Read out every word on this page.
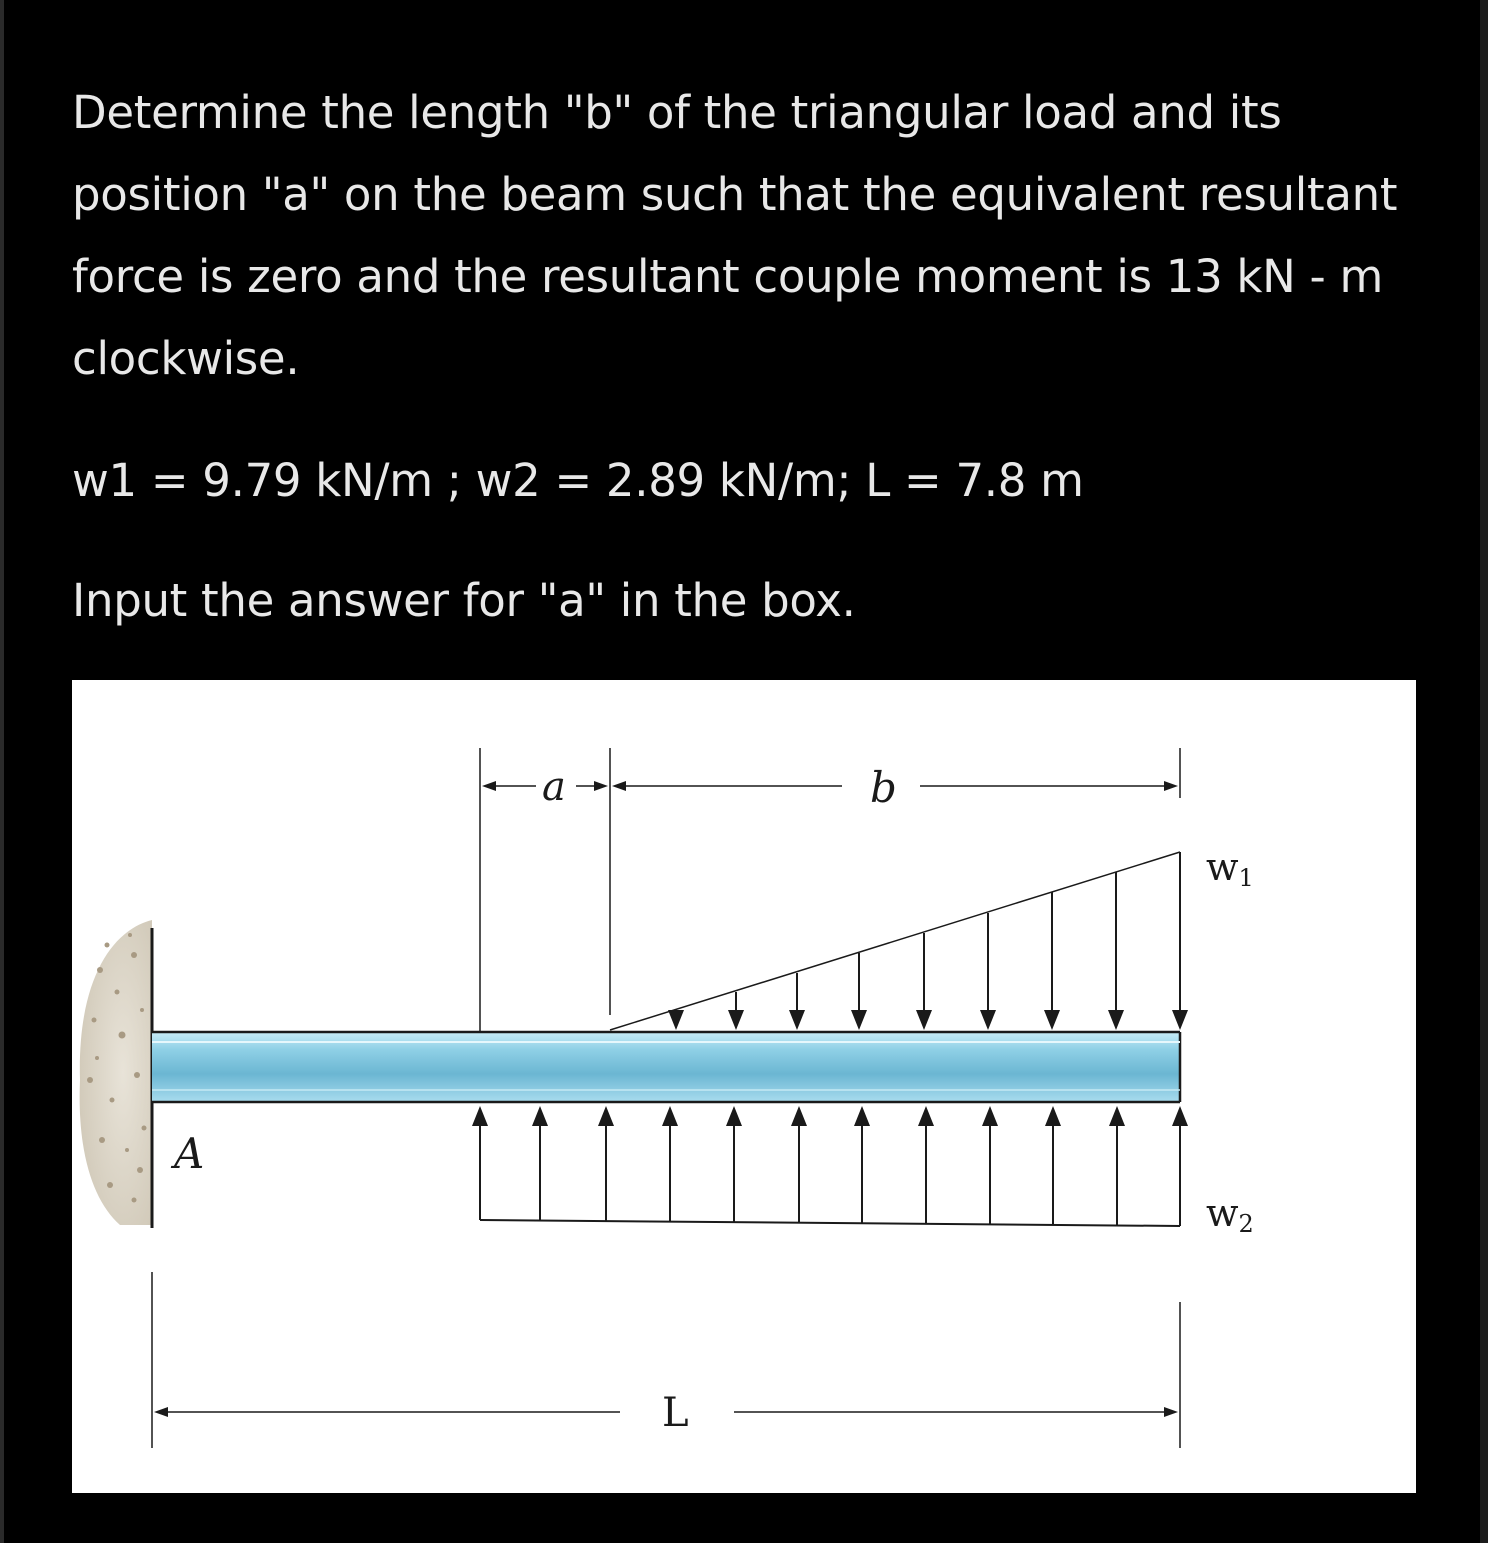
Determine the length "b" of the triangular load and its position "a" on the beam such that the equivalent resultant force is zero and the resultant couple moment is 13 kN - m clockwise.

w1 = 9.79 kN/m ; w2 = 2.89 kN/m; L = 7.8 m

Input the answer for "a" in the box.

A
a	b
w1
w2
L
